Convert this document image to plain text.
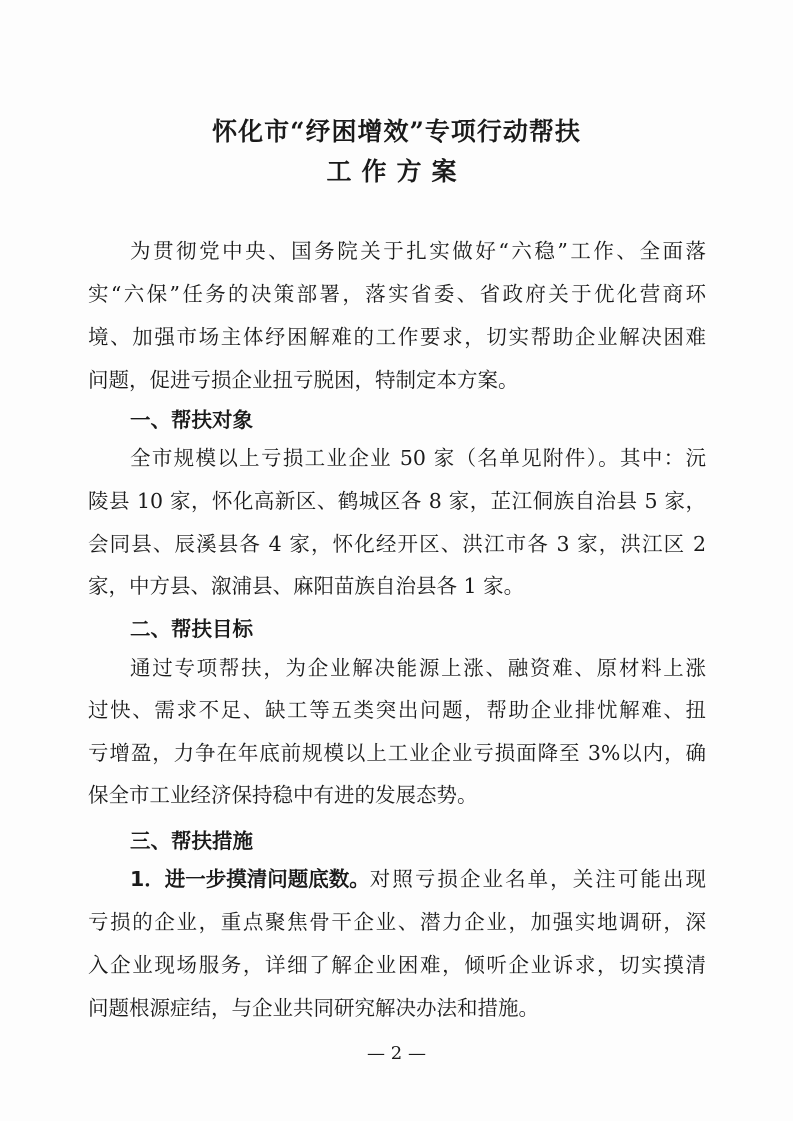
怀化市“纾困增效”专项行动帮扶
工作方案
为贯彻党中央、国务院关于扎实做好“六稳”工作、全面落
实“六保”任务的决策部署，落实省委、省政府关于优化营商环
境、加强市场主体纾困解难的工作要求，切实帮助企业解决困难
问题，促进亏损企业扭亏脱困，特制定本方案。
一、帮扶对象
全市规模以上亏损工业企业 50 家（名单见附件）。其中：沅
陵县 10 家，怀化高新区、鹤城区各 8 家，芷江侗族自治县 5 家，
会同县、辰溪县各 4 家，怀化经开区、洪江市各 3 家，洪江区 2
家，中方县、溆浦县、麻阳苗族自治县各 1 家。
二、帮扶目标
通过专项帮扶，为企业解决能源上涨、融资难、原材料上涨
过快、需求不足、缺工等五类突出问题，帮助企业排忧解难、扭
亏增盈，力争在年底前规模以上工业企业亏损面降至 3%以内，确
保全市工业经济保持稳中有进的发展态势。
三、帮扶措施
1．进一步摸清问题底数。 对照亏损企业名单，关注可能出现
亏损的企业，重点聚焦骨干企业、潜力企业，加强实地调研，深
入企业现场服务，详细了解企业困难，倾听企业诉求，切实摸清
问题根源症结，与企业共同研究解决办法和措施。
— 2 —
